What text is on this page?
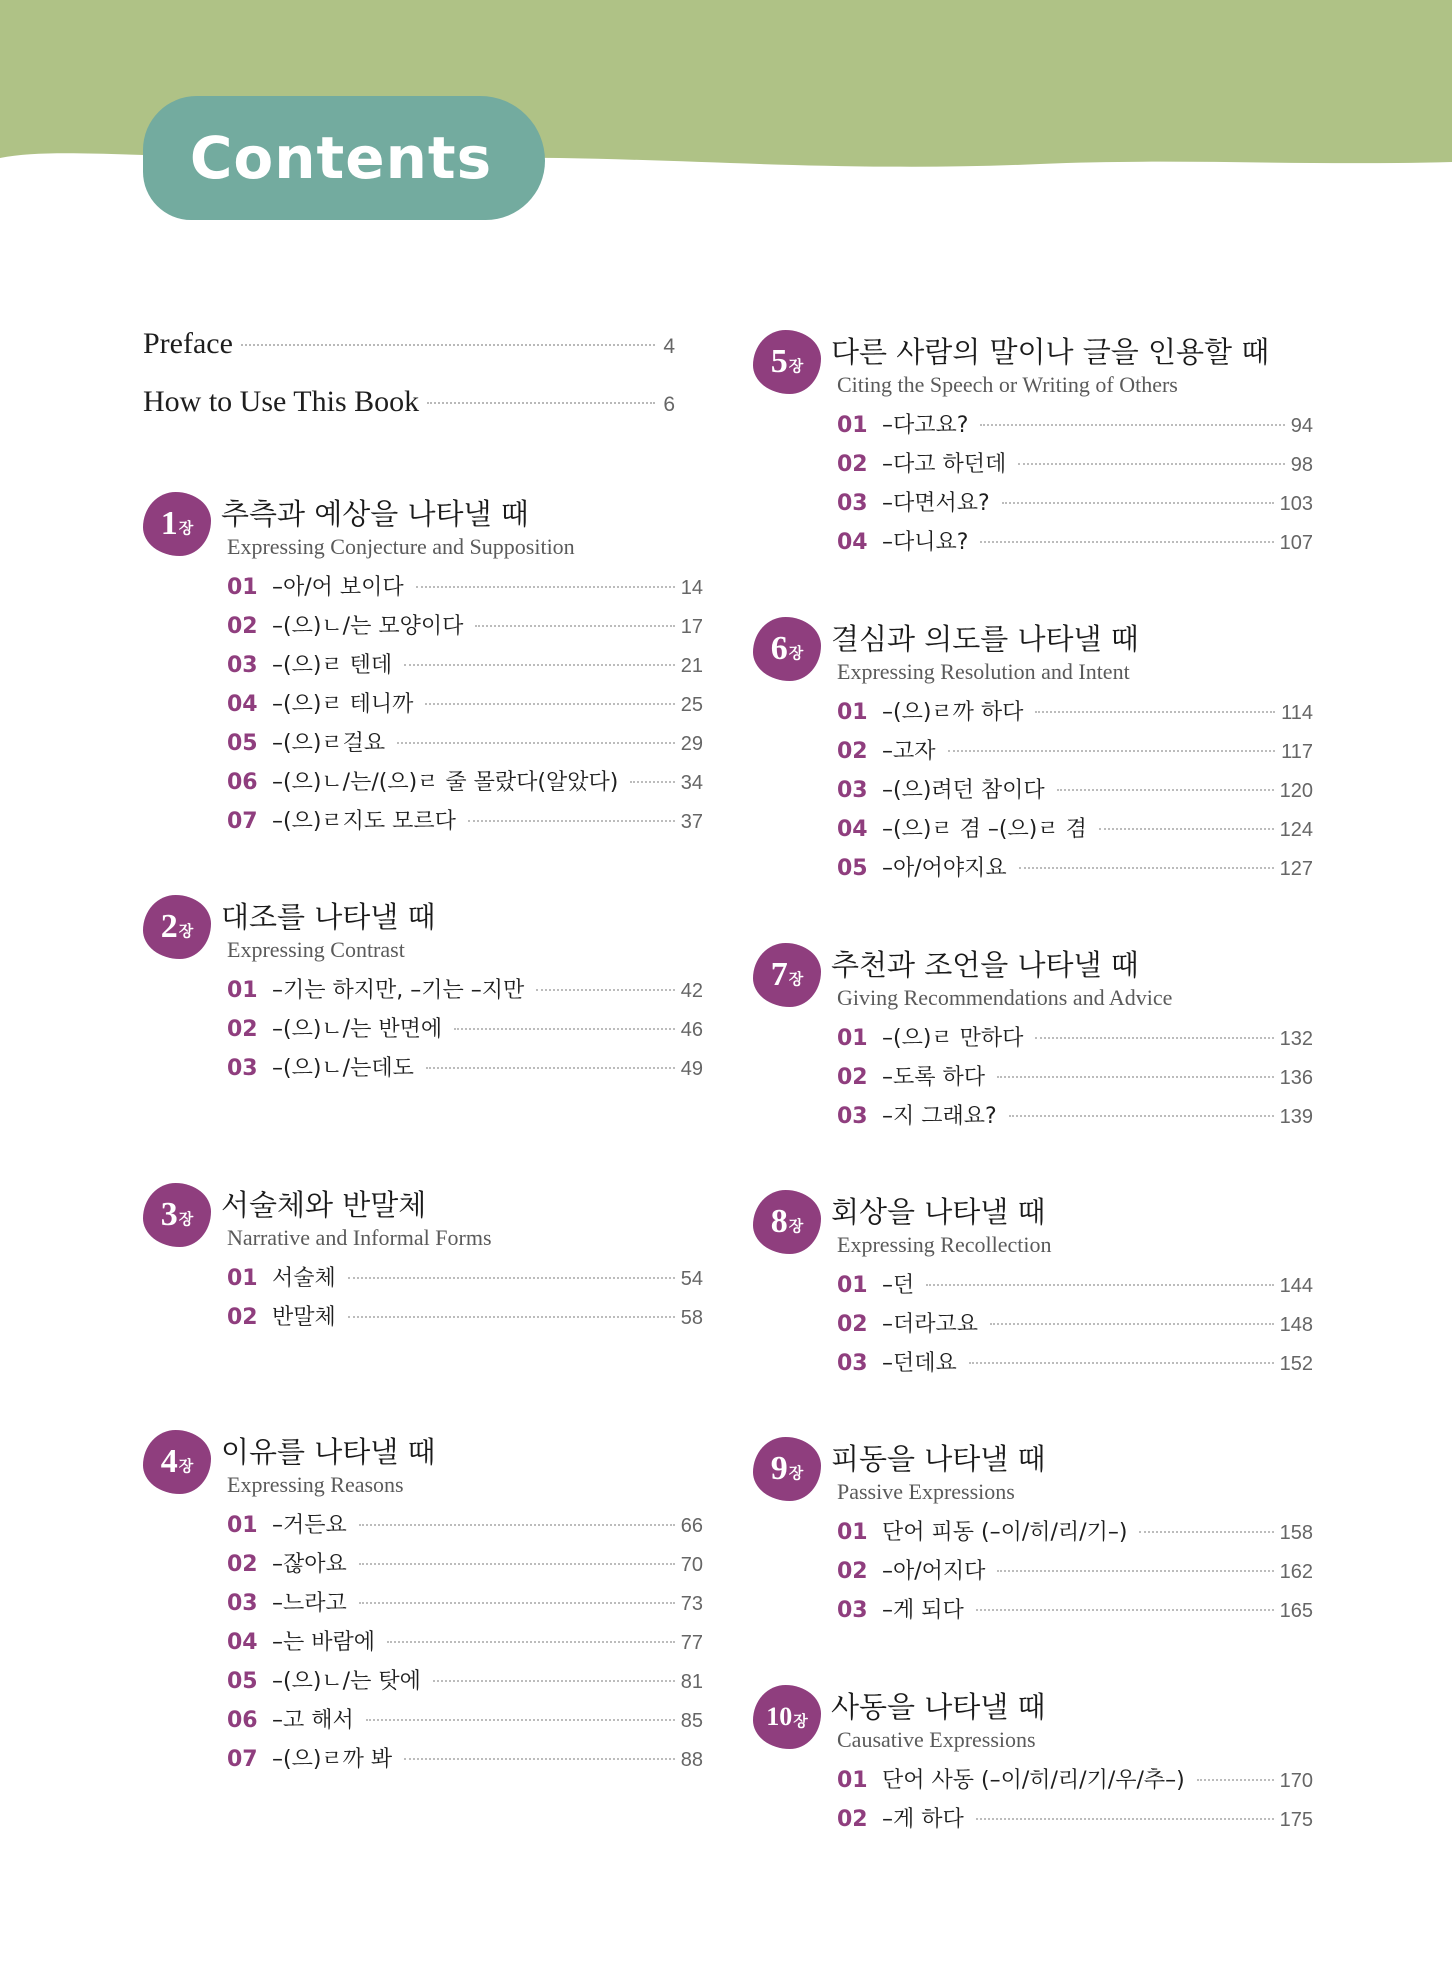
Contents
Preface	4
How to Use This Book	6
1 장 추측과 예상을 나타낼 때
Expressing Conjecture and Supposition
01 –아/어 보이다	14
02 –(으)ㄴ/는 모양이다	17
03 –(으)ㄹ 텐데	21
04 –(으)ㄹ 테니까	25
05 –(으)ㄹ걸요	29
06 –(으)ㄴ/는/(으)ㄹ 줄 몰랐다(알았다)	34
07 –(으)ㄹ지도 모르다	37
2 장 대조를 나타낼 때
Expressing Contrast
01 –기는 하지만, –기는 –지만	42
02 –(으)ㄴ/는 반면에	46
03 –(으)ㄴ/는데도	49
3 장 서술체와 반말체
Narrative and Informal Forms
01 서술체	54
02 반말체	58
4 장 이유를 나타낼 때
Expressing Reasons
01 –거든요	66
02 –잖아요	70
03 –느라고	73
04 –는 바람에	77
05 –(으)ㄴ/는 탓에	81
06 –고 해서	85
07 –(으)ㄹ까 봐	88
5 장 다른 사람의 말이나 글을 인용할 때
Citing the Speech or Writing of Others
01 –다고요?	94
02 –다고 하던데	98
03 –다면서요?	103
04 –다니요?	107
6 장 결심과 의도를 나타낼 때
Expressing Resolution and Intent
01 –(으)ㄹ까 하다	114
02 –고자	117
03 –(으)려던 참이다	120
04 –(으)ㄹ 겸 –(으)ㄹ 겸	124
05 –아/어야지요	127
7 장 추천과 조언을 나타낼 때
Giving Recommendations and Advice
01 –(으)ㄹ 만하다	132
02 –도록 하다	136
03 –지 그래요?	139
8 장 회상을 나타낼 때
Expressing Recollection
01 –던	144
02 –더라고요	148
03 –던데요	152
9 장 피동을 나타낼 때
Passive Expressions
01 단어 피동 (–이/히/리/기–)	158
02 –아/어지다	162
03 –게 되다	165
10 장 사동을 나타낼 때
Causative Expressions
01 단어 사동 (–이/히/리/기/우/추–)	170
02 –게 하다	175
